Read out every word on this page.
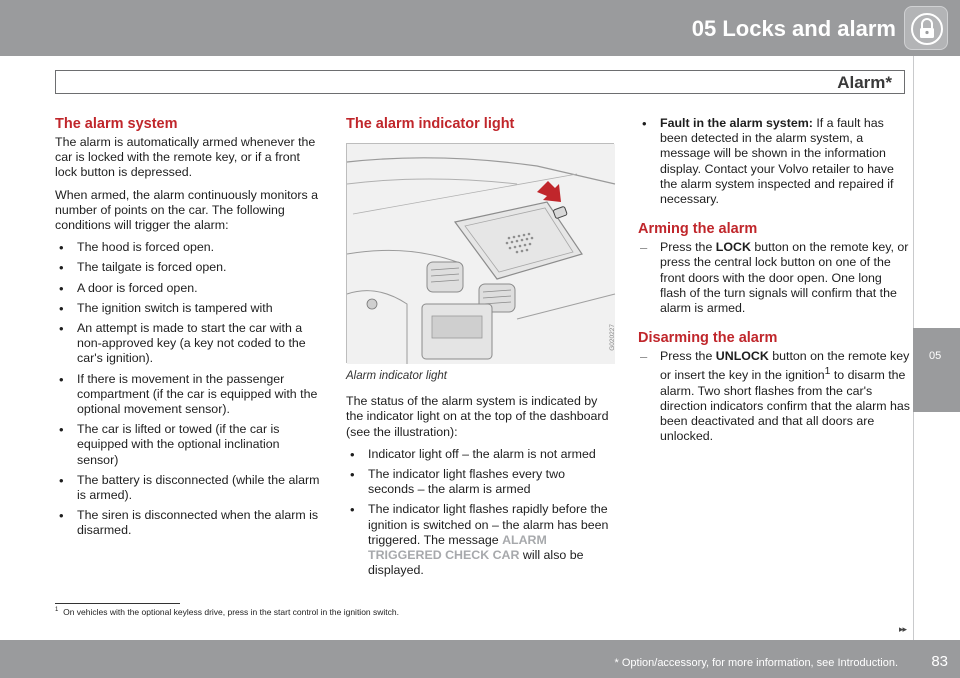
05 Locks and alarm
Alarm*
05
The alarm system

The alarm is automatically armed whenever the car is locked with the remote key, or if a front lock button is depressed.

When armed, the alarm continuously monitors a number of points on the car. The following conditions will trigger the alarm:

• The hood is forced open.
• The tailgate is forced open.
• A door is forced open.
• The ignition switch is tampered with
• An attempt is made to start the car with a non-approved key (a key not coded to the car's ignition).
• If there is movement in the passenger compartment (if the car is equipped with the optional movement sensor).
• The car is lifted or towed (if the car is equipped with the optional inclination sensor)
• The battery is disconnected (while the alarm is armed).
• The siren is disconnected when the alarm is disarmed.
The alarm indicator light
G020227
Alarm indicator light

The status of the alarm system is indicated by the indicator light on at the top of the dashboard (see the illustration):

• Indicator light off – the alarm is not armed
• The indicator light flashes every two seconds – the alarm is armed
• The indicator light flashes rapidly before the ignition is switched on – the alarm has been triggered. The message ALARM TRIGGERED CHECK CAR will also be displayed.
• Fault in the alarm system: If a fault has been detected in the alarm system, a message will be shown in the information display. Contact your Volvo retailer to have the alarm system inspected and repaired if necessary.
Arming the alarm
– Press the LOCK button on the remote key, or press the central lock button on one of the front doors with the door open. One long flash of the turn signals will confirm that the alarm is armed.
Disarming the alarm
– Press the UNLOCK button on the remote key or insert the key in the ignition$^1$ to disarm the alarm. Two short flashes from the car's direction indicators confirm that the alarm has been deactivated and that all doors are unlocked.
$^1$ On vehicles with the optional keyless drive, press in the start control in the ignition switch.
▸▸
* Option/accessory, for more information, see Introduction. 83
